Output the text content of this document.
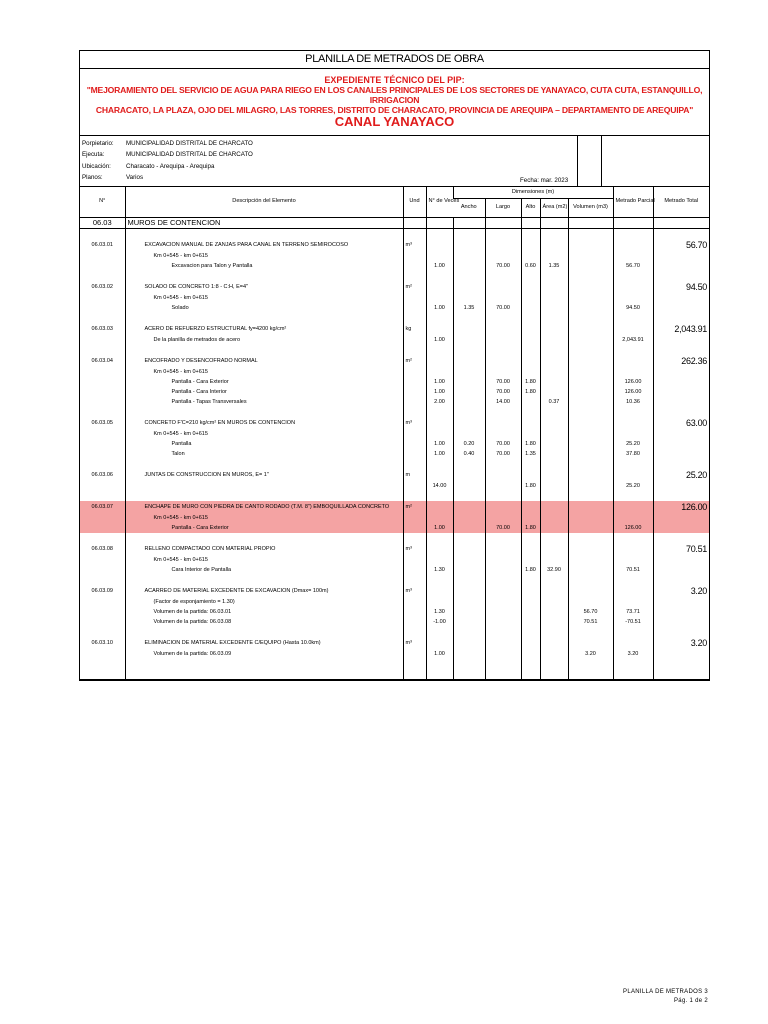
PLANILLA DE METRADOS DE OBRA
EXPEDIENTE TÉCNICO DEL PIP:
"MEJORAMIENTO DEL SERVICIO DE AGUA PARA RIEGO EN LOS CANALES PRINCIPALES DE LOS SECTORES DE YANAYACO, CUTA CUTA, ESTANQUILLO, IRRIGACION
CHARACATO, LA PLAZA, OJO DEL MILAGRO, LAS TORRES, DISTRITO DE CHARACATO, PROVINCIA DE AREQUIPA – DEPARTAMENTO DE AREQUIPA"
CANAL YANAYACO
Porpietario: MUNICIPALIDAD DISTRITAL DE CHARCATO
Ejecuta:	MUNICIPALIDAD DISTRITAL DE CHARCATO
Ubicación: Characato - Arequipa - Arequipa
Planos:	Varios	Fecha: mar. 2023
N°	Descripción del Elemento	Und	N° de Veces	Dimensiones (m)					Metrado Parcial	Metrado Total
				Ancho	Largo	Alto	Área (m2)	Volumen (m3)		
06.03	MUROS DE CONTENCION									

06.03.01	EXCAVACION MANUAL DE ZANJAS PARA CANAL EN TERRENO SEMIROCOSO	m³								56.70
	Km 0+545 - km 0+615									
	Excavacion para Talon y Pantalla		1.00		70.00	0.60	1.35		56.70	

06.03.02	SOLADO DE CONCRETO 1:8 - C:H, E=4"	m²								94.50
	Km 0+545 - km 0+615									
	Solado		1.00	1.35	70.00				94.50	

06.03.03	ACERO DE REFUERZO ESTRUCTURAL fy=4200 kg/cm²	kg								2,043.91
	De la planilla de metrados de acero		1.00						2,043.91	

06.03.04	ENCOFRADO Y DESENCOFRADO NORMAL	m²								262.36
	Km 0+545 - km 0+615									
	Pantalla - Cara Exterior		1.00		70.00	1.80			126.00	
	Pantalla - Cara Interior		1.00		70.00	1.80			126.00	
	Pantalla - Tapas Transversales		2.00		14.00		0.37		10.36	

06.03.05	CONCRETO F'C=210 kg/cm² EN MUROS DE CONTENCION	m³								63.00
	Km 0+545 - km 0+615									
	Pantalla		1.00	0.20	70.00	1.80			25.20	
	Talon		1.00	0.40	70.00	1.35			37.80	

06.03.06	JUNTAS DE CONSTRUCCION EN MUROS, E= 1"	m								25.20
			14.00			1.80			25.20	

06.03.07	ENCHAPE DE MURO CON PIEDRA DE CANTO RODADO (T.M. 8") EMBOQUILLADA CONCRETO	m²								126.00
	Km 0+545 - km 0+615									
	Pantalla - Cara Exterior		1.00		70.00	1.80			126.00	

06.03.08	RELLENO COMPACTADO CON MATERIAL PROPIO	m³								70.51
	Km 0+545 - km 0+615									
	Cara Interior de Pantalla		1.30			1.80	32.90		70.51	

06.03.09	ACARREO DE MATERIAL EXCEDENTE DE EXCAVACION (Dmax= 100m)	m³								3.20
	(Factor de esponjamiento = 1.30)									
	Volumen de la partida: 06.03.01		1.30					56.70	73.71	
	Volumen de la partida: 06.03.08		-1.00					70.51	-70.51	

06.03.10	ELIMINACION DE MATERIAL EXCEDENTE C/EQUIPO (Hasta 10.0km)	m³								3.20
	Volumen de la partida: 06.03.09		1.00					3.20	3.20	

PLANILLA DE METRADOS 3
Pág. 1 de 2
